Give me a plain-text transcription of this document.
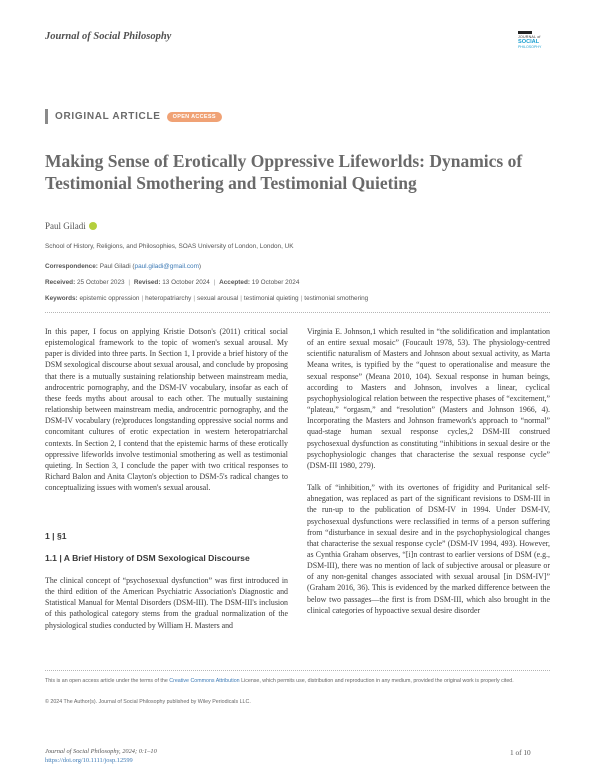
Journal of Social Philosophy	JOURNAL of
SOCIAL
PHILOSOPHY
ORIGINAL ARTICLE	OPEN ACCESS
Making Sense of Erotically Oppressive Lifeworlds: Dynamics of Testimonial Smothering and Testimonial Quieting
Paul Giladi
School of History, Religions, and Philosophies, SOAS University of London, London, UK
Correspondence: Paul Giladi (paul.giladi@gmail.com)
Received: 25 October 2023 | Revised: 13 October 2024 | Accepted: 19 October 2024
Keywords: epistemic oppression | heteropatriarchy | sexual arousal | testimonial quieting | testimonial smothering

In this paper, I focus on applying Kristie Dotson's (2011) critical social epistemological framework to the topic of women's sexual arousal. My paper is divided into three parts. In Section 1, I provide a brief history of the DSM sexological discourse about sexual arousal, and conclude by proposing that there is a mutually sustaining relationship between mainstream media, androcentric pornography, and the DSM-IV vocabulary, insofar as each of these feeds myths about arousal to each other. The mutually sustaining relationship between mainstream media, androcentric pornography, and the DSM-IV vocabulary (re)produces longstanding oppressive social norms and concomitant cultures of erotic expectation in western heteropatriarchal contexts. In Section 2, I contend that the epistemic harms of these erotically oppressive lifeworlds involve testimonial smothering as well as testimonial quieting. In Section 3, I conclude the paper with two critical responses to Richard Balon and Anita Clayton's objection to DSM-5's radical changes to conceptualizing issues with women's sexual arousal.

1 | §1
1.1 | A Brief History of DSM Sexological Discourse

The clinical concept of “psychosexual dysfunction” was first introduced in the third edition of the American Psychiatric Association's Diagnostic and Statistical Manual for Mental Disorders (DSM-III). The DSM-III's inclusion of this pathological category stems from the gradual normalization of the physiological studies conducted by William H. Masters and

Virginia E. Johnson,1 which resulted in “the solidification and implantation of an entire sexual mosaic” (Foucault 1978, 53). The physiology-centred scientific naturalism of Masters and Johnson about sexual activity, as Marta Meana writes, is typified by the “quest to operationalise and measure the sexual response” (Meana 2010, 104). Sexual response in human beings, according to Masters and Johnson, involves a linear, cyclical psychophysiological relation between the respective phases of “excitement,” “plateau,” “orgasm,” and “resolution” (Masters and Johnson 1966, 4). Incorporating the Masters and Johnson framework's approach to “normal” quad-stage human sexual response cycles,2 DSM-III construed psychosexual dysfunction as constituting “inhibitions in sexual desire or the psychophysiologic changes that characterise the sexual response cycle” (DSM-III 1980, 279).

Talk of “inhibition,” with its overtones of frigidity and Puritanical self-abnegation, was replaced as part of the significant revisions to DSM-III in the run-up to the publication of DSM-IV in 1994. Under DSM-IV, psychosexual dysfunctions were reclassified in terms of a person suffering from “disturbance in sexual desire and in the psychophysiological changes that characterise the sexual response cycle” (DSM-IV 1994, 493). However, as Cynthia Graham observes, “[i]n contrast to earlier versions of DSM (e.g., DSM-III), there was no mention of lack of subjective arousal or pleasure or of any non-genital changes associated with sexual arousal [in DSM-IV]” (Graham 2016, 36). This is evidenced by the marked difference between the below two passages—the first is from DSM-III, which also brought in the clinical categories of hypoactive sexual desire disorder

This is an open access article under the terms of the Creative Commons Attribution License, which permits use, distribution and reproduction in any medium, provided the original work is properly cited.
© 2024 The Author(s). Journal of Social Philosophy published by Wiley Periodicals LLC.
Journal of Social Philosophy, 2024; 0:1–10
https://doi.org/10.1111/josp.12599
1 of 10
